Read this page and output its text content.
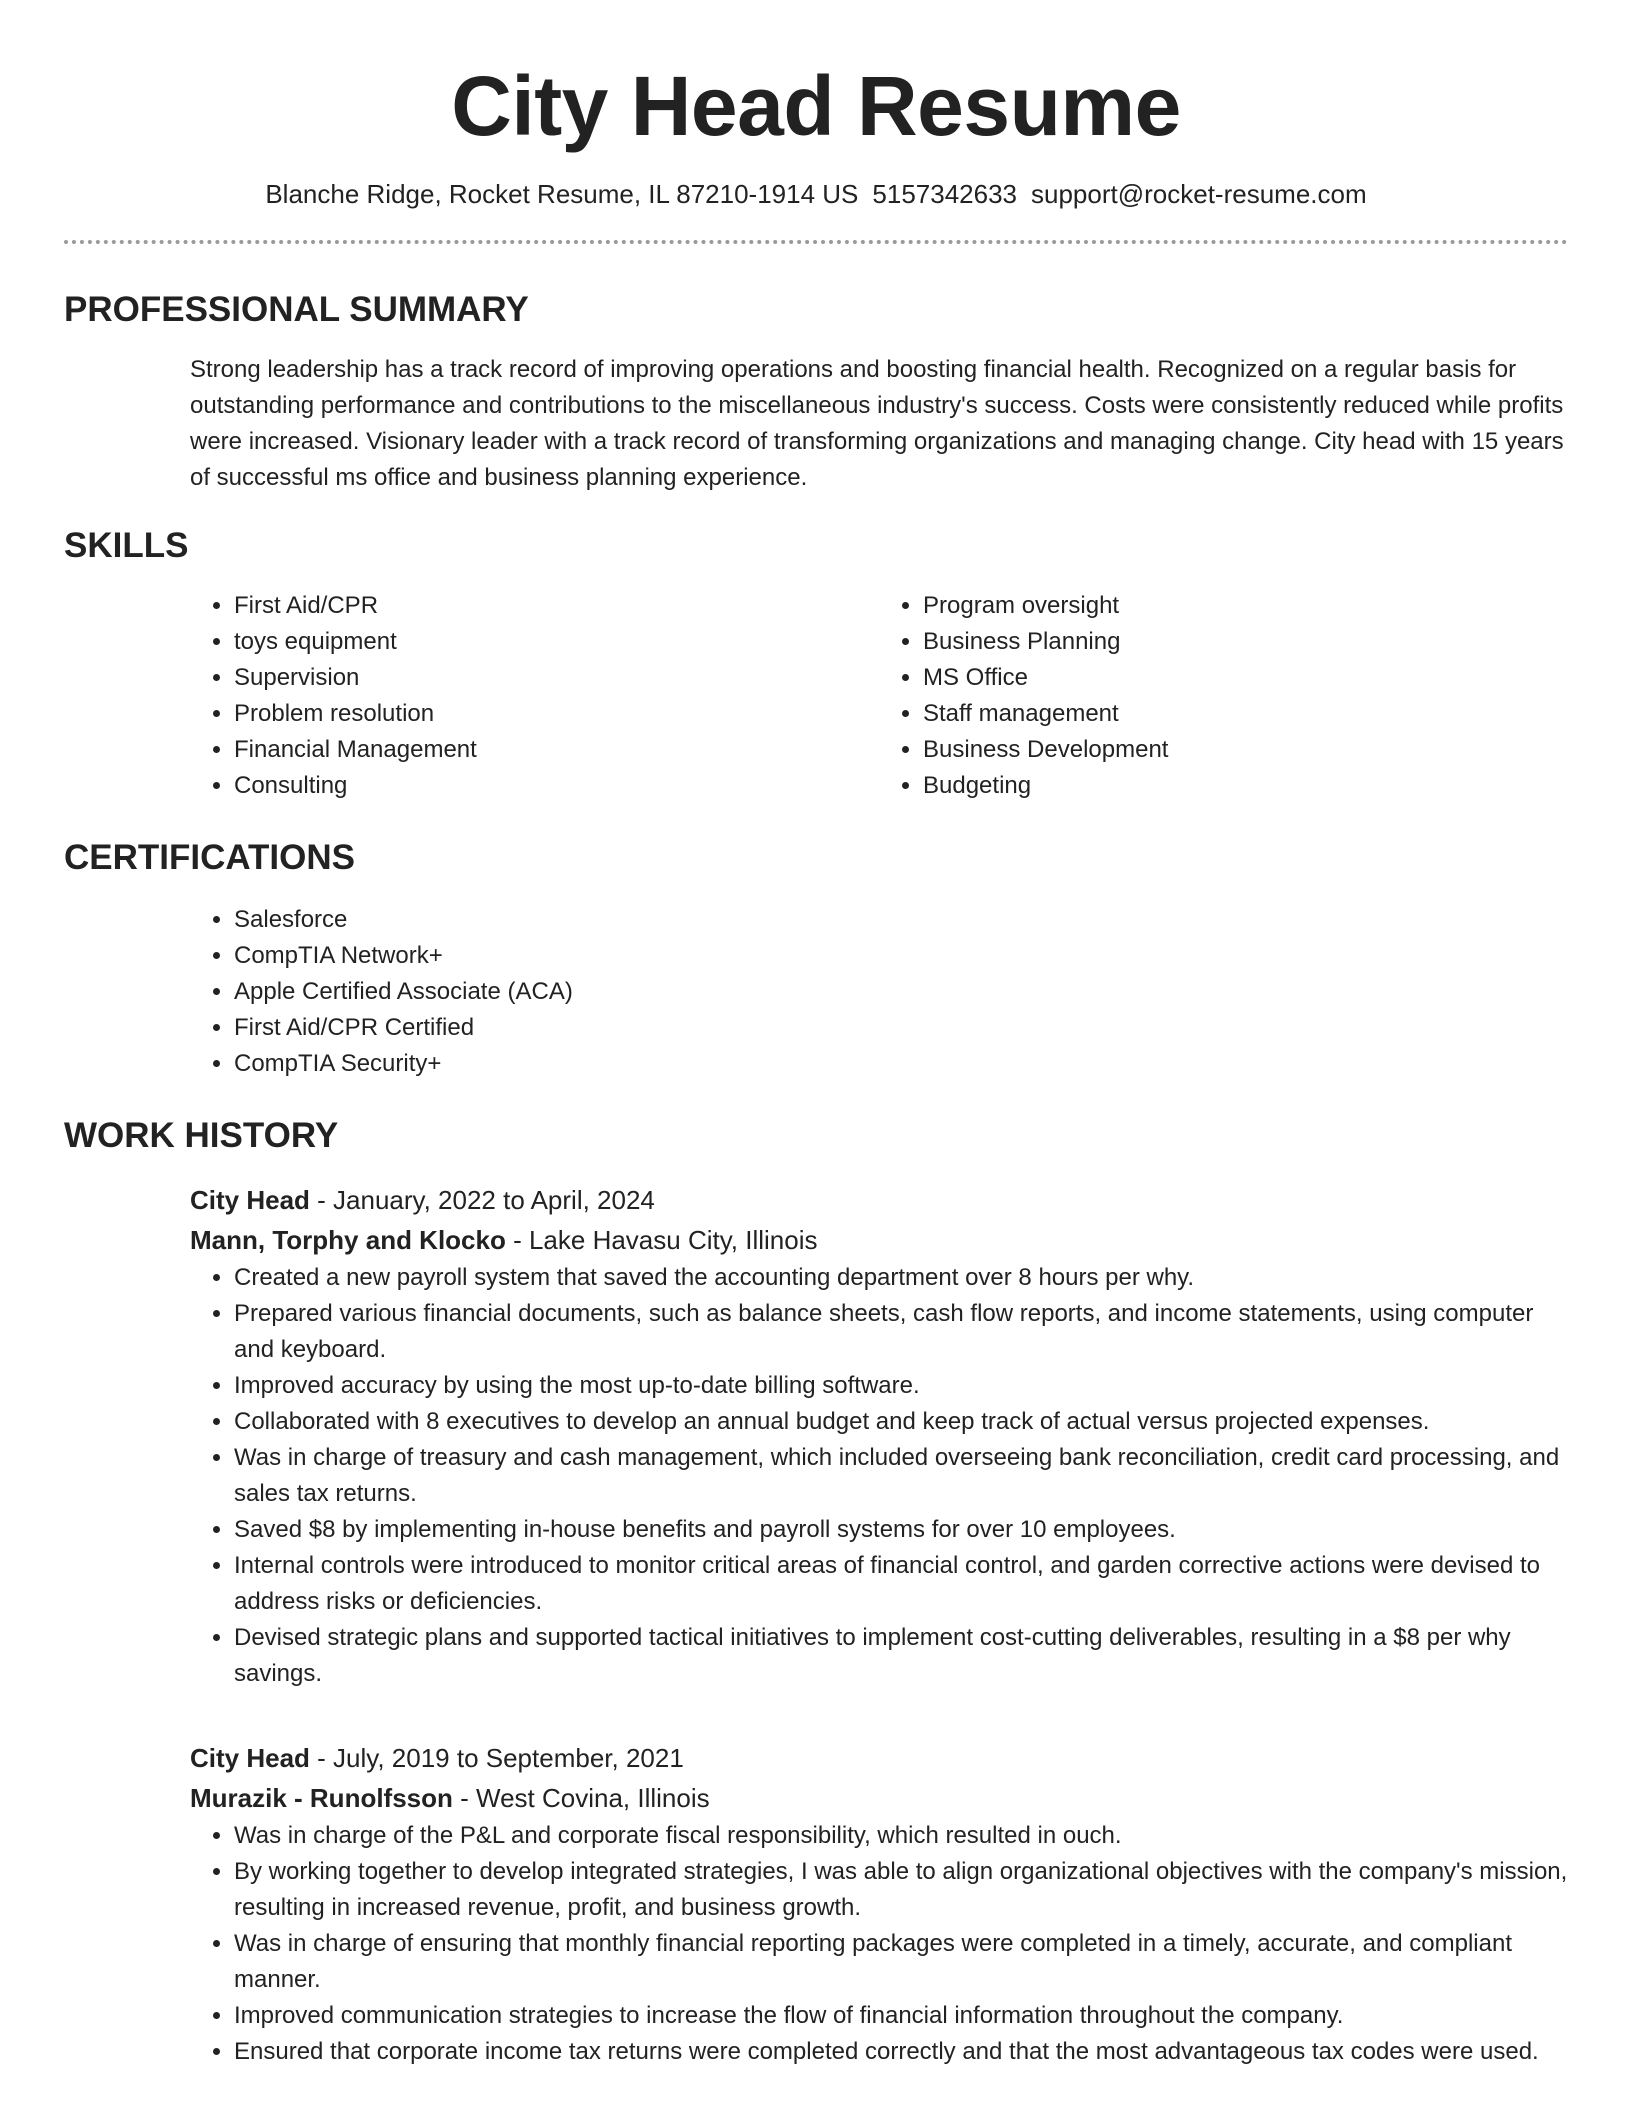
City Head Resume
Blanche Ridge, Rocket Resume, IL 87210-1914 US 5157342633 support@rocket-resume.com
PROFESSIONAL SUMMARY
Strong leadership has a track record of improving operations and boosting financial health. Recognized on a regular basis for outstanding performance and contributions to the miscellaneous industry's success. Costs were consistently reduced while profits were increased. Visionary leader with a track record of transforming organizations and managing change. City head with 15 years of successful ms office and business planning experience.
SKILLS
• First Aid/CPR
• toys equipment
• Supervision
• Problem resolution
• Financial Management
• Consulting
• Program oversight
• Business Planning
• MS Office
• Staff management
• Business Development
• Budgeting
CERTIFICATIONS
• Salesforce
• CompTIA Network+
• Apple Certified Associate (ACA)
• First Aid/CPR Certified
• CompTIA Security+
WORK HISTORY
City Head - January, 2022 to April, 2024
Mann, Torphy and Klocko - Lake Havasu City, Illinois
• Created a new payroll system that saved the accounting department over 8 hours per why.
• Prepared various financial documents, such as balance sheets, cash flow reports, and income statements, using computer and keyboard.
• Improved accuracy by using the most up-to-date billing software.
• Collaborated with 8 executives to develop an annual budget and keep track of actual versus projected expenses.
• Was in charge of treasury and cash management, which included overseeing bank reconciliation, credit card processing, and sales tax returns.
• Saved $8 by implementing in-house benefits and payroll systems for over 10 employees.
• Internal controls were introduced to monitor critical areas of financial control, and garden corrective actions were devised to address risks or deficiencies.
• Devised strategic plans and supported tactical initiatives to implement cost-cutting deliverables, resulting in a $8 per why savings.
City Head - July, 2019 to September, 2021
Murazik - Runolfsson - West Covina, Illinois
• Was in charge of the P&L and corporate fiscal responsibility, which resulted in ouch.
• By working together to develop integrated strategies, I was able to align organizational objectives with the company's mission, resulting in increased revenue, profit, and business growth.
• Was in charge of ensuring that monthly financial reporting packages were completed in a timely, accurate, and compliant manner.
• Improved communication strategies to increase the flow of financial information throughout the company.
• Ensured that corporate income tax returns were completed correctly and that the most advantageous tax codes were used.
